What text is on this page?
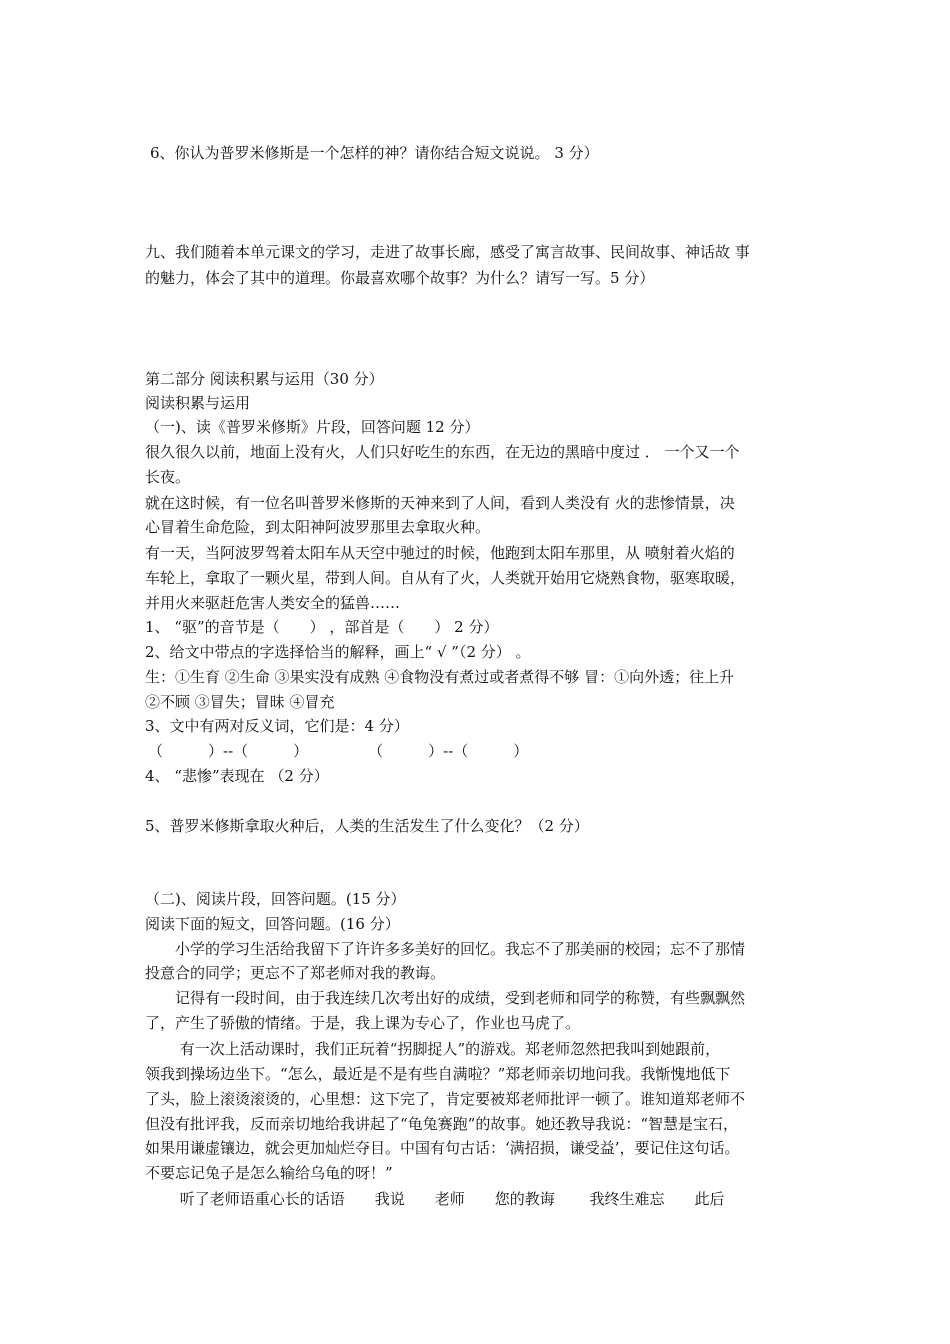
6、你认为普罗米修斯是一个怎样的神？请你结合短文说说。 3 分）
九、我们随着本单元课文的学习，走进了故事长廊，感受了寓言故事、民间故事、神话故 事
的魅力，体会了其中的道理。你最喜欢哪个故事？为什么？请写一写。5 分）
第二部分 阅读积累与运用（30 分）
阅读积累与运用
（一)、读《普罗米修斯》片段，回答问题 12 分）
很久很久以前，地面上没有火，人们只好吃生的东西，在无边的黑暗中度过 ． 一个又一个
长夜。
就在这时候，有一位名叫普罗米修斯的天神来到了人间，看到人类没有 火的悲惨情景，决
心冒着生命危险，到太阳神阿波罗那里去拿取火种。
有一天，当阿波罗驾着太阳车从天空中驰过的时候，他跑到太阳车那里，从 喷射着火焰的
车轮上，拿取了一颗火星，带到人间。自从有了火，人类就开始用它烧熟食物，驱寒取暖，
并用火来驱赶危害人类安全的猛兽……
1、 “驱”的音节是（　　） ，部首是（　　） 2 分）
2、给文中带点的字选择恰当的解释，画上“ √ ”（2 分） 。
生：①生育 ②生命 ③果实没有成熟 ④食物没有煮过或者煮得不够 冒：①向外透；往上升
②不顾 ③冒失；冒昧 ④冒充
3、文中有两对反义词，它们是：4 分）
（　　　）--（　　　）　　　　　（　　　）--（　　　）
4、 “悲惨”表现在 （2 分）
5、普罗米修斯拿取火种后，人类的生活发生了什么变化？（2 分）
（二)、阅读片段，回答问题。(15 分）
阅读下面的短文，回答问题。(16 分）
　　小学的学习生活给我留下了许许多多美好的回忆。我忘不了那美丽的校园；忘不了那情
投意合的同学；更忘不了郑老师对我的教诲。
　　记得有一段时间，由于我连续几次考出好的成绩，受到老师和同学的称赞，有些飘飘然
了，产生了骄傲的情绪。于是，我上课为专心了，作业也马虎了。
　　 有一次上活动课时，我们正玩着“拐脚捉人”的游戏。郑老师忽然把我叫到她跟前，
领我到操场边坐下。“怎么，最近是不是有些自满啦？”郑老师亲切地问我。我惭愧地低下
了头，脸上滚烫滚烫的，心里想：这下完了，肯定要被郑老师批评一顿了。谁知道郑老师不
但没有批评我，反而亲切地给我讲起了“龟兔赛跑”的故事。她还教导我说：“智慧是宝石，
如果用谦虚镶边，就会更加灿烂夺目。中国有句古话：‘满招损，谦受益’，要记住这句话。
不要忘记兔子是怎么输给乌龟的呀！”
　　 听了老师语重心长的话语　　我说　　老师　　您的教诲　　 我终生难忘　　此后
